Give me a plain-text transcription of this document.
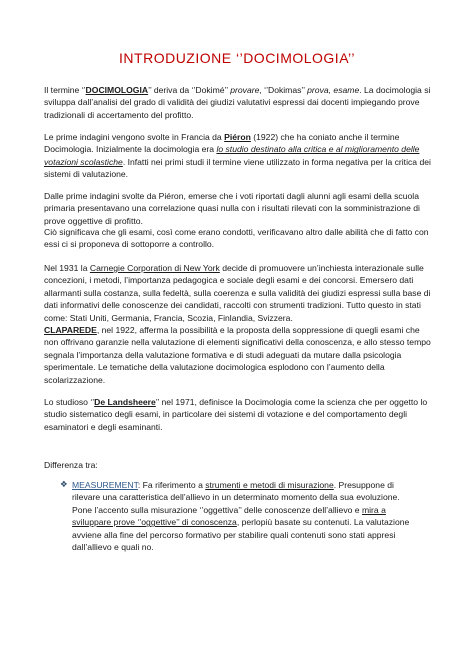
INTRODUZIONE ‘’DOCIMOLOGIA’’

Il termine ‘’DOCIMOLOGIA’’ deriva da ‘’Dokimé’’ provare, ‘’Dokimas’’ prova, esame. La docimologia si sviluppa dall’analisi del grado di validità dei giudizi valutativi espressi dai docenti impiegando prove tradizionali di accertamento del profitto.

Le prime indagini vengono svolte in Francia da Piéron (1922) che ha coniato anche il termine Docimologia. Inizialmente la docimologia era lo studio destinato alla critica e al miglioramento delle votazioni scolastiche. Infatti nei primi studi il termine viene utilizzato in forma negativa per la critica dei sistemi di valutazione.

Dalle prime indagini svolte da Piéron, emerse che i voti riportati dagli alunni agli esami della scuola primaria presentavano una correlazione quasi nulla con i risultati rilevati con la somministrazione di prove oggettive di profitto.

Ciò significava che gli esami, così come erano condotti, verificavano altro dalle abilità che di fatto con essi ci si proponeva di sottoporre a controllo.

Nel 1931 la Carnegie Corporation di New York decide di promuovere un’inchiesta interazionale sulle concezioni, i metodi, l’importanza pedagogica e sociale degli esami e dei concorsi. Emersero dati allarmanti sulla costanza, sulla fedeltà, sulla coerenza e sulla validità dei giudizi espressi sulla base di dati informativi delle conoscenze dei candidati, raccolti con strumenti tradizioni. Tutto questo in stati come: Stati Uniti, Germania, Francia, Scozia, Finlandia, Svizzera.

CLAPAREDE, nel 1922, afferma la possibilità e la proposta della soppressione di quegli esami che non offrivano garanzie nella valutazione di elementi significativi della conoscenza, e allo stesso tempo segnala l’importanza della valutazione formativa e di studi adeguati da mutare dalla psicologia sperimentale. Le tematiche della valutazione docimologica esplodono con l’aumento della scolarizzazione.

Lo studioso ‘’De Landsheere’’ nel 1971, definisce la Docimologia come la scienza che per oggetto lo studio sistematico degli esami, in particolare dei sistemi di votazione e del comportamento degli esaminatori e degli esaminanti.

Differenza tra:

❖ MEASUREMENT: Fa riferimento a strumenti e metodi di misurazione. Presuppone di rilevare una caratteristica dell’allievo in un determinato momento della sua evoluzione. Pone l’accento sulla misurazione ‘’oggettiva’’ delle conoscenze dell’allievo e mira a sviluppare prove ‘’oggettive’’ di conoscenza, perlopiù basate su contenuti. La valutazione avviene alla fine del percorso formativo per stabilire quali contenuti sono stati appresi dall’allievo e quali no.
